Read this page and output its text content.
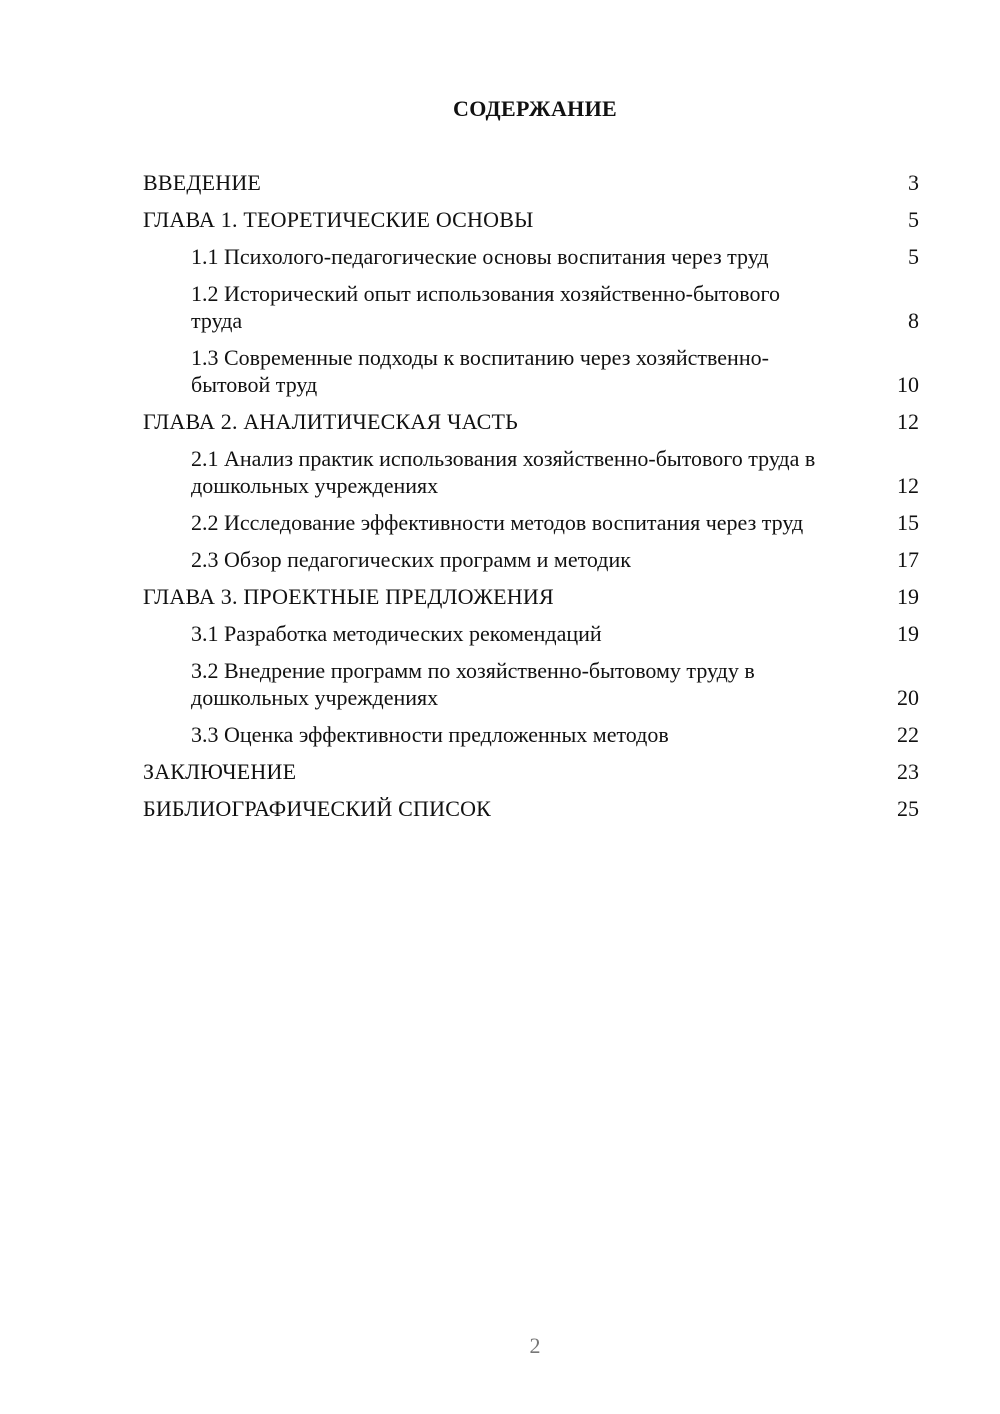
СОДЕРЖАНИЕ
ВВЕДЕНИЕ	3
ГЛАВА 1. ТЕОРЕТИЧЕСКИЕ ОСНОВЫ	5
1.1 Психолого-педагогические основы воспитания через труд	5
1.2 Исторический опыт использования хозяйственно-бытового труда	8
1.3 Современные подходы к воспитанию через хозяйственно-бытовой труд	10
ГЛАВА 2. АНАЛИТИЧЕСКАЯ ЧАСТЬ	12
2.1 Анализ практик использования хозяйственно-бытового труда в дошкольных учреждениях	12
2.2 Исследование эффективности методов воспитания через труд	15
2.3 Обзор педагогических программ и методик	17
ГЛАВА 3. ПРОЕКТНЫЕ ПРЕДЛОЖЕНИЯ	19
3.1 Разработка методических рекомендаций	19
3.2 Внедрение программ по хозяйственно-бытовому труду в дошкольных учреждениях	20
3.3 Оценка эффективности предложенных методов	22
ЗАКЛЮЧЕНИЕ	23
БИБЛИОГРАФИЧЕСКИЙ СПИСОК	25
2
